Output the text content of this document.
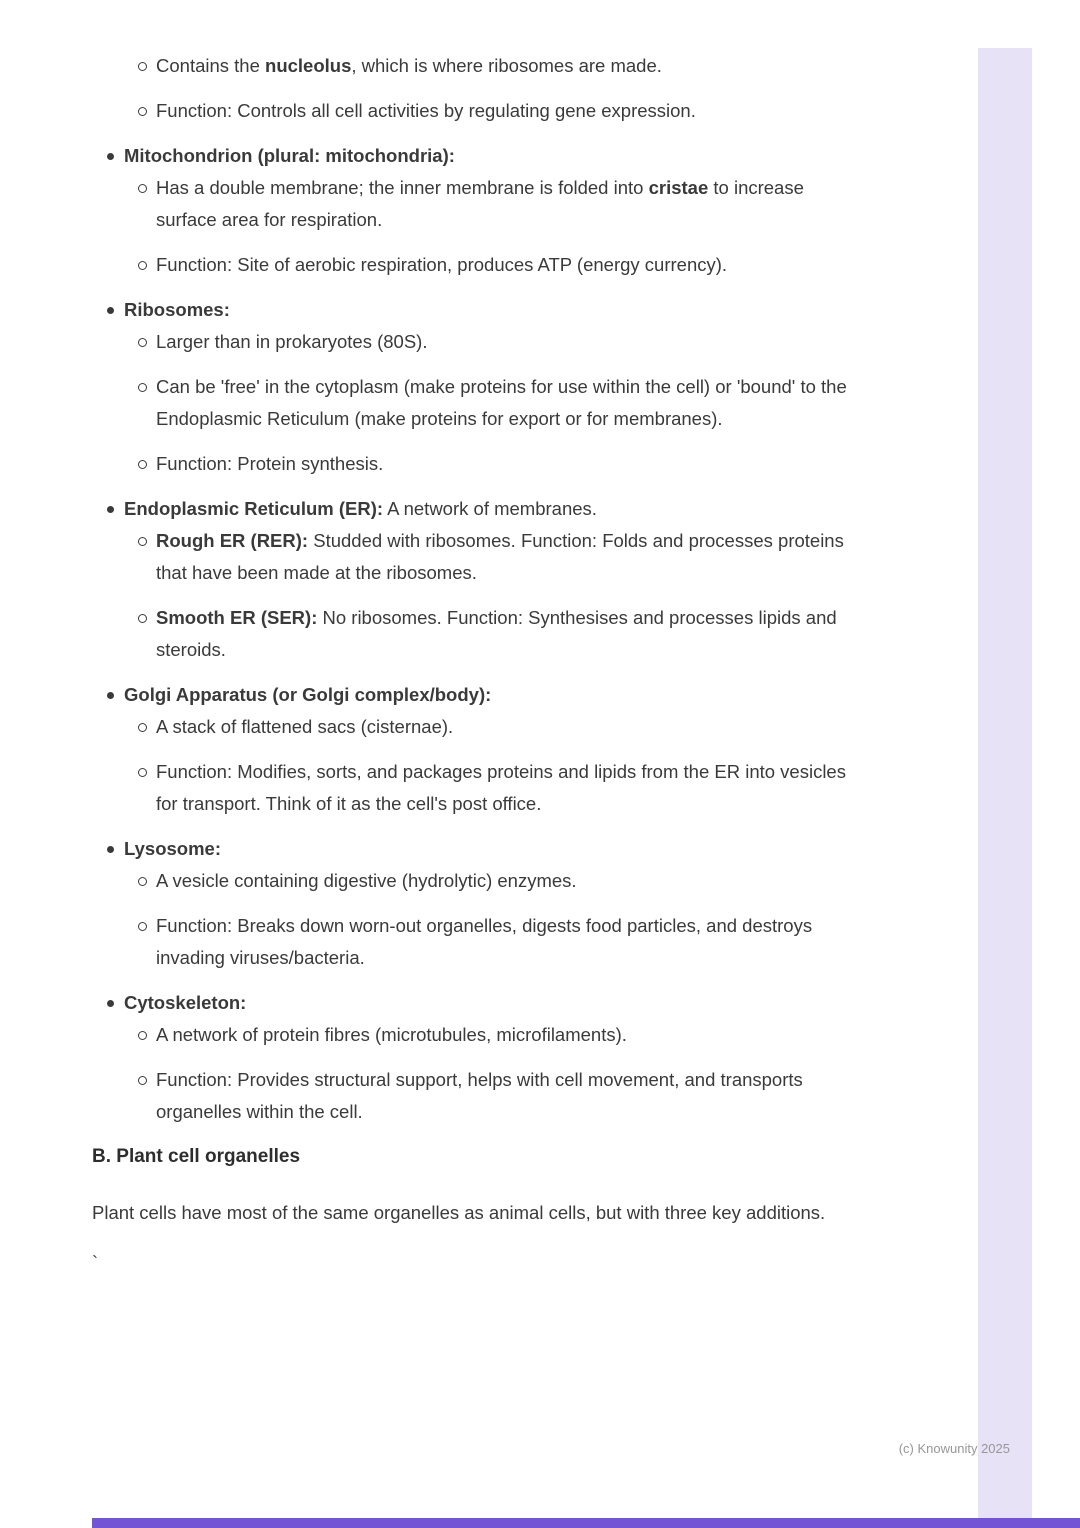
Contains the nucleolus, which is where ribosomes are made.
Function: Controls all cell activities by regulating gene expression.
Mitochondrion (plural: mitochondria):
Has a double membrane; the inner membrane is folded into cristae to increase surface area for respiration.
Function: Site of aerobic respiration, produces ATP (energy currency).
Ribosomes:
Larger than in prokaryotes (80S).
Can be 'free' in the cytoplasm (make proteins for use within the cell) or 'bound' to the Endoplasmic Reticulum (make proteins for export or for membranes).
Function: Protein synthesis.
Endoplasmic Reticulum (ER): A network of membranes.
Rough ER (RER): Studded with ribosomes. Function: Folds and processes proteins that have been made at the ribosomes.
Smooth ER (SER): No ribosomes. Function: Synthesises and processes lipids and steroids.
Golgi Apparatus (or Golgi complex/body):
A stack of flattened sacs (cisternae).
Function: Modifies, sorts, and packages proteins and lipids from the ER into vesicles for transport. Think of it as the cell's post office.
Lysosome:
A vesicle containing digestive (hydrolytic) enzymes.
Function: Breaks down worn-out organelles, digests food particles, and destroys invading viruses/bacteria.
Cytoskeleton:
A network of protein fibres (microtubules, microfilaments).
Function: Provides structural support, helps with cell movement, and transports organelles within the cell.
B. Plant cell organelles

Plant cells have most of the same organelles as animal cells, but with three key additions.

`
(c) Knowunity 2025
